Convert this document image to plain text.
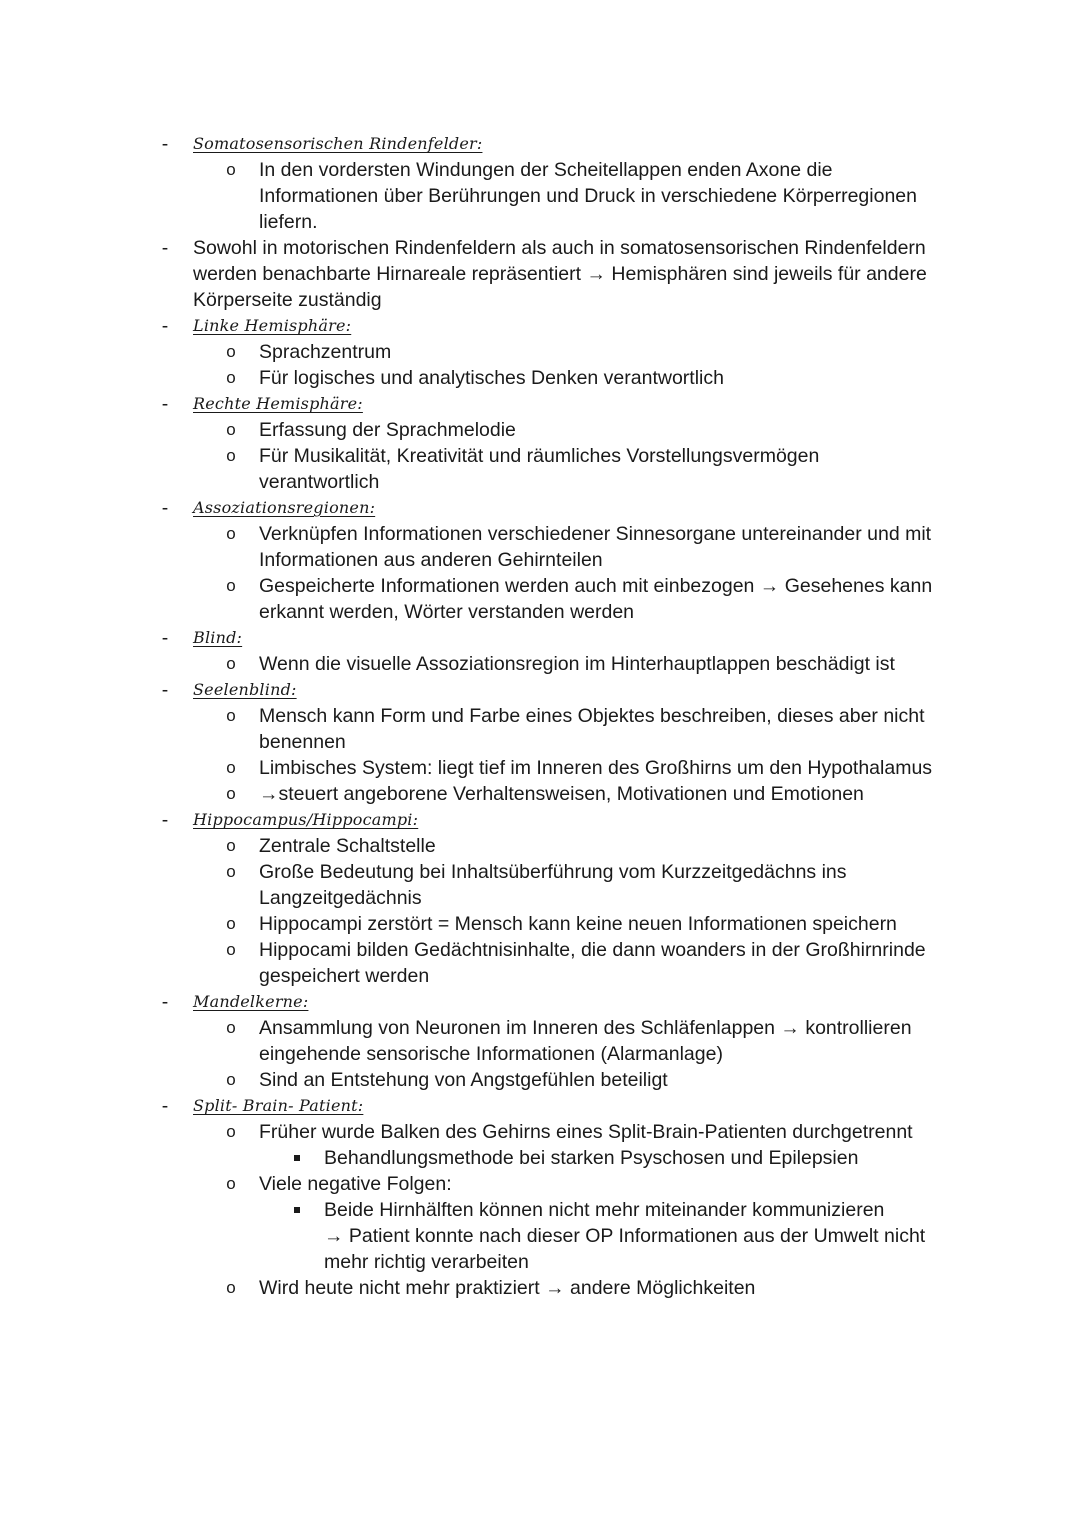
- Somatosensorischen Rindenfelder:
o In den vordersten Windungen der Scheitellappen enden Axone die
Informationen über Berührungen und Druck in verschiedene Körperregionen
liefern.
- Sowohl in motorischen Rindenfeldern als auch in somatosensorischen Rindenfeldern
werden benachbarte Hirnareale repräsentiert → Hemisphären sind jeweils für andere
Körperseite zuständig
- Linke Hemisphäre:
o Sprachzentrum
o Für logisches und analytisches Denken verantwortlich
- Rechte Hemisphäre:
o Erfassung der Sprachmelodie
o Für Musikalität, Kreativität und räumliches Vorstellungsvermögen
verantwortlich
- Assoziationsregionen:
o Verknüpfen Informationen verschiedener Sinnesorgane untereinander und mit
Informationen aus anderen Gehirnteilen
o Gespeicherte Informationen werden auch mit einbezogen → Gesehenes kann
erkannt werden, Wörter verstanden werden
- Blind:
o Wenn die visuelle Assoziationsregion im Hinterhauptlappen beschädigt ist
- Seelenblind:
o Mensch kann Form und Farbe eines Objektes beschreiben, dieses aber nicht
benennen
o Limbisches System: liegt tief im Inneren des Großhirns um den Hypothalamus
o →steuert angeborene Verhaltensweisen, Motivationen und Emotionen
- Hippocampus/Hippocampi:
o Zentrale Schaltstelle
o Große Bedeutung bei Inhaltsüberführung vom Kurzzeitgedächns ins
Langzeitgedächnis
o Hippocampi zerstört = Mensch kann keine neuen Informationen speichern
o Hippocami bilden Gedächtnisinhalte, die dann woanders in der Großhirnrinde
gespeichert werden
- Mandelkerne:
o Ansammlung von Neuronen im Inneren des Schläfenlappen → kontrollieren
eingehende sensorische Informationen (Alarmanlage)
o Sind an Entstehung von Angstgefühlen beteiligt
- Split- Brain- Patient:
o Früher wurde Balken des Gehirns eines Split-Brain-Patienten durchgetrennt
Behandlungsmethode bei starken Psyschosen und Epilepsien
o Viele negative Folgen:
Beide Hirnhälften können nicht mehr miteinander kommunizieren
→ Patient konnte nach dieser OP Informationen aus der Umwelt nicht
mehr richtig verarbeiten
o Wird heute nicht mehr praktiziert → andere Möglichkeiten
